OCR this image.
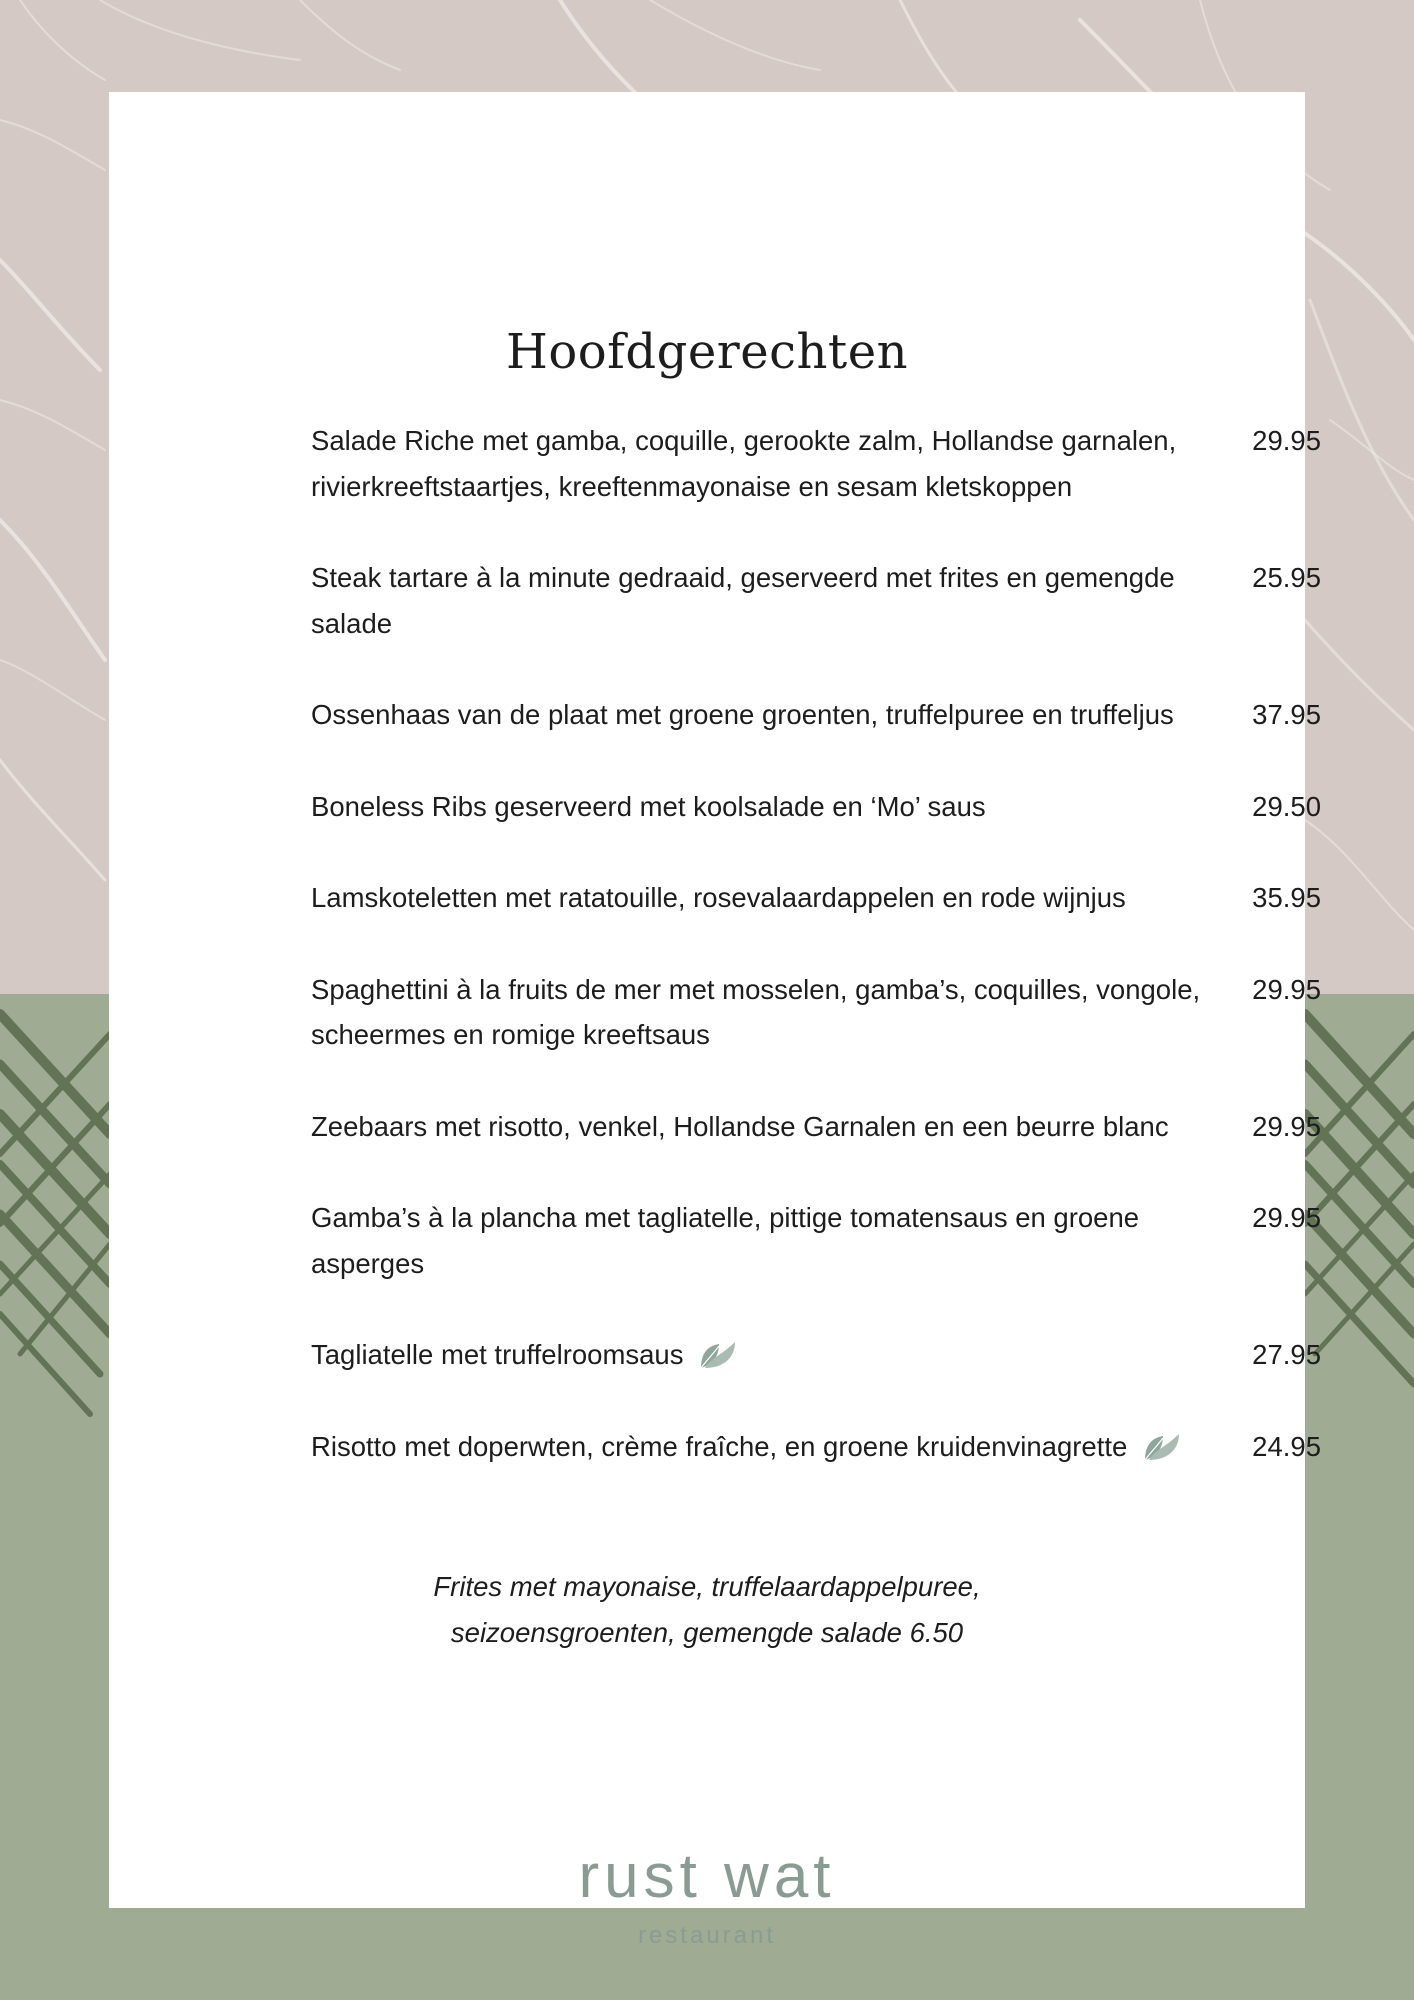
Hoofdgerechten
Salade Riche met gamba, coquille, gerookte zalm, Hollandse garnalen, rivierkreeftstaartjes, kreeftenmayonaise en sesam kletskoppen
29.95
Steak tartare à la minute gedraaid, geserveerd met frites en gemengde salade
25.95
Ossenhaas van de plaat met groene groenten, truffelpuree en truffeljus	37.95
Boneless Ribs geserveerd met koolsalade en ‘Mo’ saus	29.50
Lamskoteletten met ratatouille, rosevalaardappelen en rode wijnjus	35.95
Spaghettini à la fruits de mer met mosselen, gamba’s, coquilles, vongole, scheermes en romige kreeftsaus
29.95
Zeebaars met risotto, venkel, Hollandse Garnalen en een beurre blanc	29.95
Gamba’s à la plancha met tagliatelle, pittige tomatensaus en groene asperges
29.95
Tagliatelle met truffelroomsaus	27.95
Risotto met doperwten, crème fraîche, en groene kruidenvinagrette	24.95
Frites met mayonaise, truffelaardappelpuree,
seizoensgroenten, gemengde salade 6.50
rust wat
restaurant
